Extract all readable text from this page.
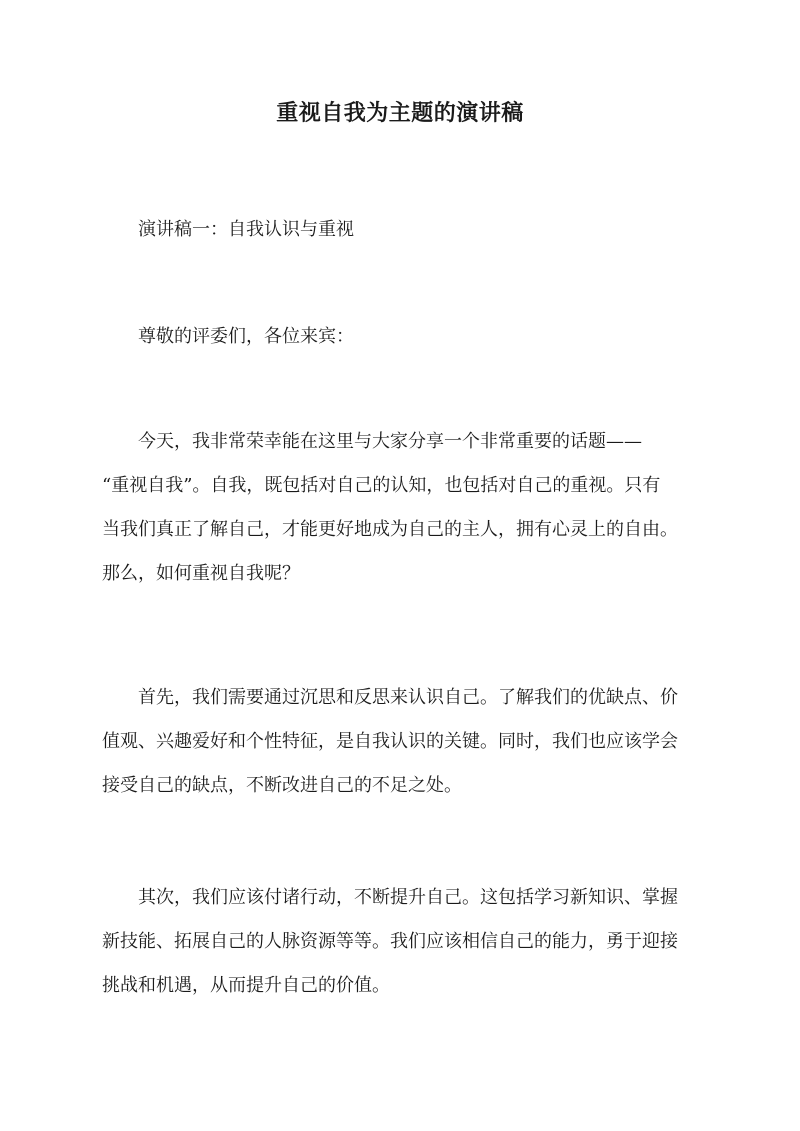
重视自我为主题的演讲稿
演讲稿一：自我认识与重视
尊敬的评委们，各位来宾：
今天，我非常荣幸能在这里与大家分享一个非常重要的话题——
“重视自我”。自我，既包括对自己的认知，也包括对自己的重视。只有
当我们真正了解自己，才能更好地成为自己的主人，拥有心灵上的自由。
那么，如何重视自我呢？
首先，我们需要通过沉思和反思来认识自己。了解我们的优缺点、价
值观、兴趣爱好和个性特征，是自我认识的关键。同时，我们也应该学会
接受自己的缺点，不断改进自己的不足之处。
其次，我们应该付诸行动，不断提升自己。这包括学习新知识、掌握
新技能、拓展自己的人脉资源等等。我们应该相信自己的能力，勇于迎接
挑战和机遇，从而提升自己的价值。
